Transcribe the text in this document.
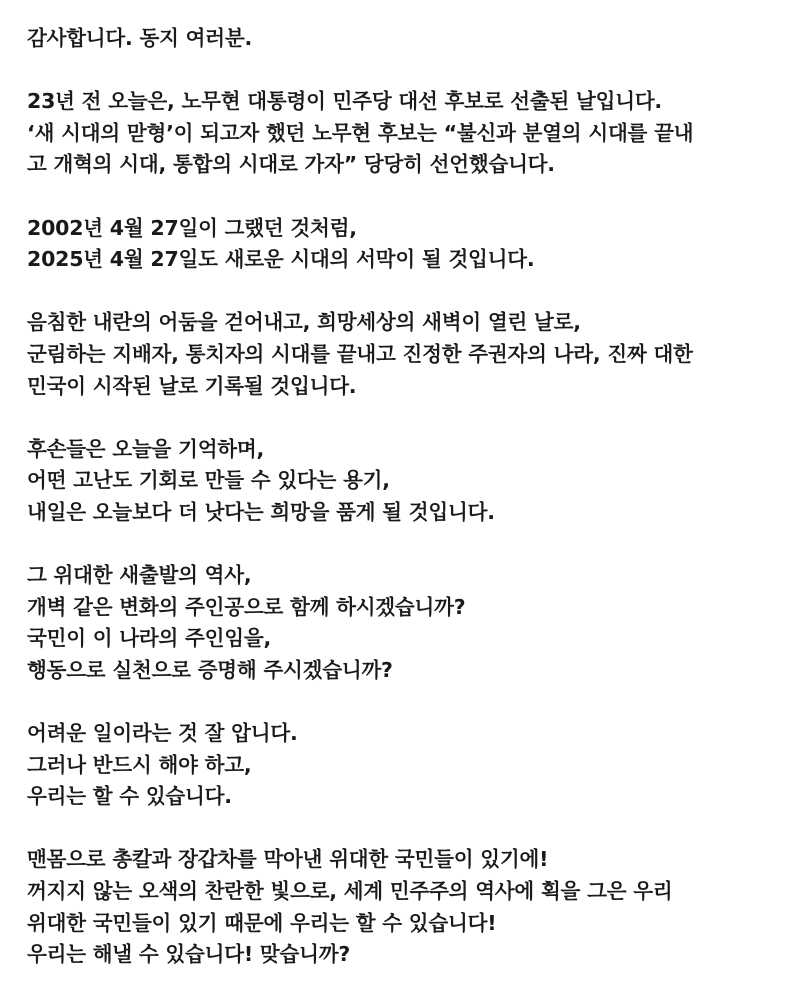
감사합니다. 동지 여러분.

23년 전 오늘은, 노무현 대통령이 민주당 대선 후보로 선출된 날입니다.
‘새 시대의 맏형’이 되고자 했던 노무현 후보는 “불신과 분열의 시대를 끝내
고 개혁의 시대, 통합의 시대로 가자” 당당히 선언했습니다.

2002년 4월 27일이 그랬던 것처럼,
2025년 4월 27일도 새로운 시대의 서막이 될 것입니다.

음침한 내란의 어둠을 걷어내고, 희망세상의 새벽이 열린 날로,
군림하는 지배자, 통치자의 시대를 끝내고 진정한 주권자의 나라, 진짜 대한
민국이 시작된 날로 기록될 것입니다.

후손들은 오늘을 기억하며,
어떤 고난도 기회로 만들 수 있다는 용기,
내일은 오늘보다 더 낫다는 희망을 품게 될 것입니다.

그 위대한 새출발의 역사,
개벽 같은 변화의 주인공으로 함께 하시겠습니까?
국민이 이 나라의 주인임을,
행동으로 실천으로 증명해 주시겠습니까?

어려운 일이라는 것 잘 압니다.
그러나 반드시 해야 하고,
우리는 할 수 있습니다.

맨몸으로 총칼과 장갑차를 막아낸 위대한 국민들이 있기에!
꺼지지 않는 오색의 찬란한 빛으로, 세계 민주주의 역사에 획을 그은 우리
위대한 국민들이 있기 때문에 우리는 할 수 있습니다!
우리는 해낼 수 있습니다! 맞습니까?
